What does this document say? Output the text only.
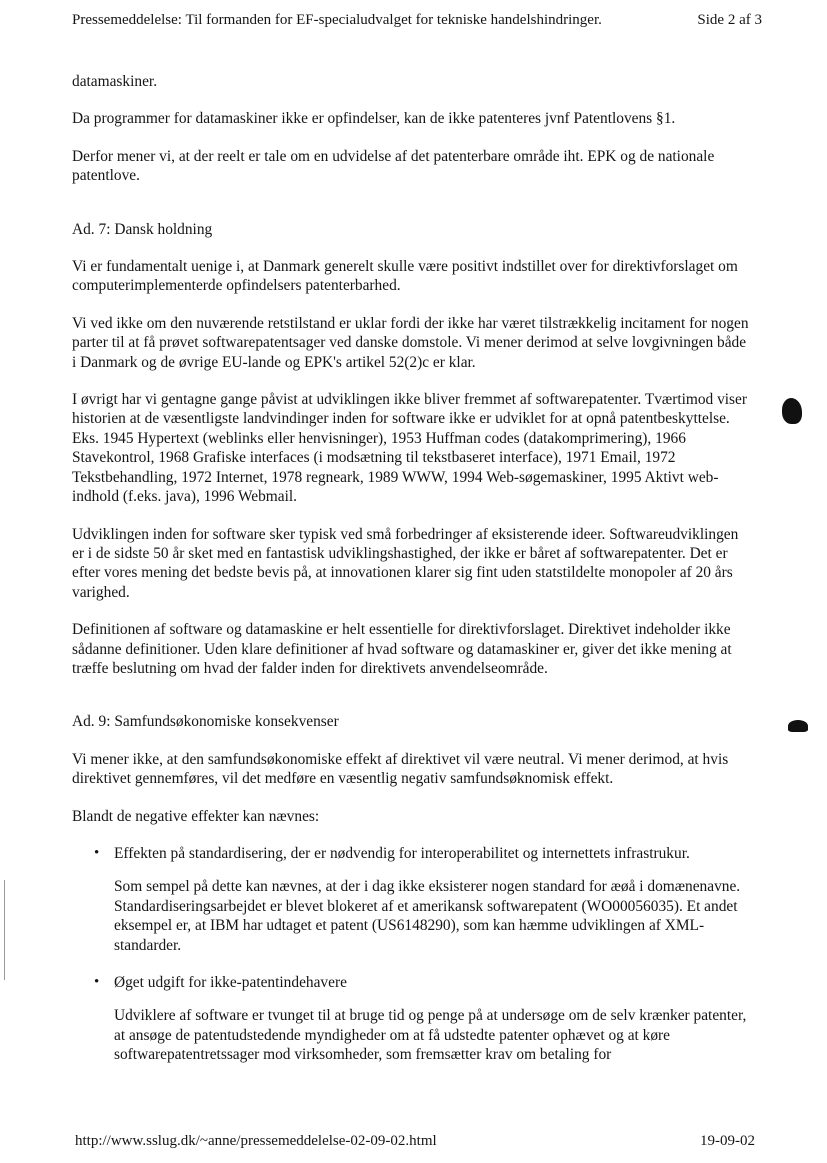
Pressemeddelelse: Til formanden for EF-specialudvalget for tekniske handelshindringer.	Side 2 af 3

datamaskiner.

Da programmer for datamaskiner ikke er opfindelser, kan de ikke patenteres jvnf Patentlovens §1.

Derfor mener vi, at der reelt er tale om en udvidelse af det patenterbare område iht. EPK og de nationale patentlove.

Ad. 7: Dansk holdning

Vi er fundamentalt uenige i, at Danmark generelt skulle være positivt indstillet over for direktivforslaget om computerimplementerde opfindelsers patenterbarhed.

Vi ved ikke om den nuværende retstilstand er uklar fordi der ikke har været tilstrækkelig incitament for nogen parter til at få prøvet softwarepatentsager ved danske domstole. Vi mener derimod at selve lovgivningen både i Danmark og de øvrige EU-lande og EPK's artikel 52(2)c er klar.

I øvrigt har vi gentagne gange påvist at udviklingen ikke bliver fremmet af softwarepatenter. Tværtimod viser historien at de væsentligste landvindinger inden for software ikke er udviklet for at opnå patentbeskyttelse. Eks. 1945 Hypertext (weblinks eller henvisninger), 1953 Huffman codes (datakomprimering), 1966 Stavekontrol, 1968 Grafiske interfaces (i modsætning til tekstbaseret interface), 1971 Email, 1972 Tekstbehandling, 1972 Internet, 1978 regneark, 1989 WWW, 1994 Web-søgemaskiner, 1995 Aktivt web-indhold (f.eks. java), 1996 Webmail.

Udviklingen inden for software sker typisk ved små forbedringer af eksisterende ideer. Softwareudviklingen er i de sidste 50 år sket med en fantastisk udviklingshastighed, der ikke er båret af softwarepatenter. Det er efter vores mening det bedste bevis på, at innovationen klarer sig fint uden statstildelte monopoler af 20 års varighed.

Definitionen af software og datamaskine er helt essentielle for direktivforslaget. Direktivet indeholder ikke sådanne definitioner. Uden klare definitioner af hvad software og datamaskiner er, giver det ikke mening at træffe beslutning om hvad der falder inden for direktivets anvendelseområde.

Ad. 9: Samfundsøkonomiske konsekvenser

Vi mener ikke, at den samfundsøkonomiske effekt af direktivet vil være neutral. Vi mener derimod, at hvis direktivet gennemføres, vil det medføre en væsentlig negativ samfundsøknomisk effekt.

Blandt de negative effekter kan nævnes:

• Effekten på standardisering, der er nødvendig for interoperabilitet og internettets infrastrukur.

Som sempel på dette kan nævnes, at der i dag ikke eksisterer nogen standard for æøå i domænenavne. Standardiseringsarbejdet er blevet blokeret af et amerikansk softwarepatent (WO00056035). Et andet eksempel er, at IBM har udtaget et patent (US6148290), som kan hæmme udviklingen af XML-standarder.

• Øget udgift for ikke-patentindehavere

Udviklere af software er tvunget til at bruge tid og penge på at undersøge om de selv krænker patenter, at ansøge de patentudstedende myndigheder om at få udstedte patenter ophævet og at køre softwarepatentretssager mod virksomheder, som fremsætter krav om betaling for

http://www.sslug.dk/~anne/pressemeddelelse-02-09-02.html	19-09-02
